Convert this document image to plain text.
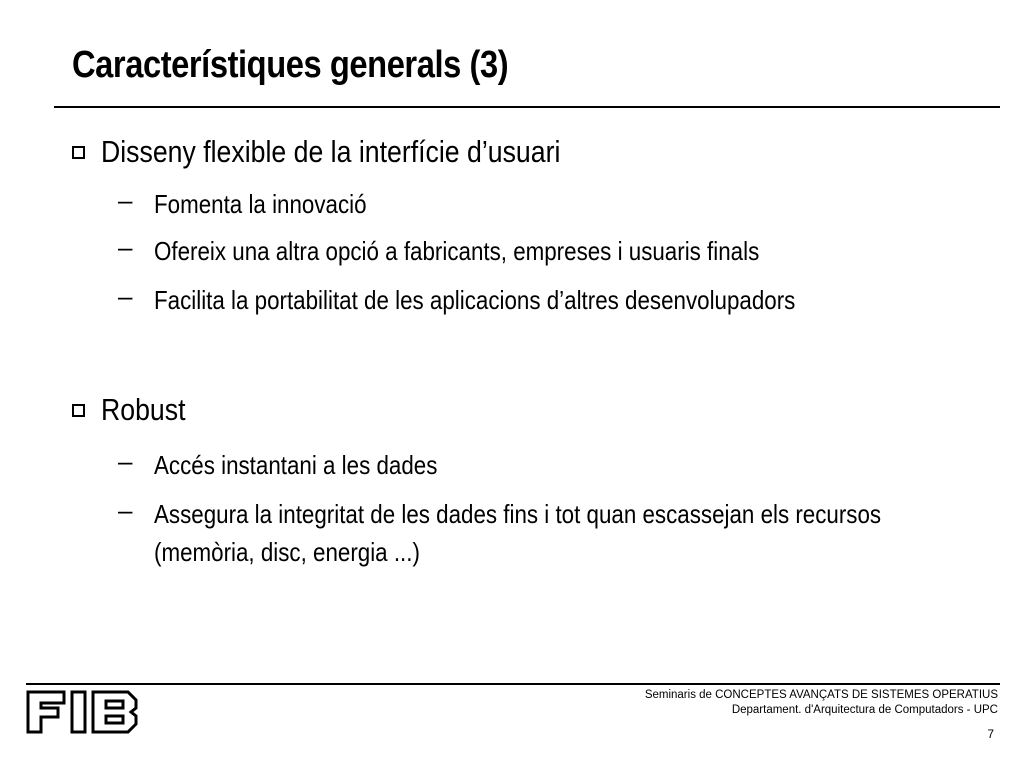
Característiques generals (3)
Disseny flexible de la interfície d’usuari
– Fomenta la innovació
– Ofereix una altra opció a fabricants, empreses i usuaris finals
– Facilita la portabilitat de les aplicacions d’altres desenvolupadors
Robust
– Accés instantani a les dades
– Assegura la integritat de les dades fins i tot quan escassejan els recursos (memòria, disc, energia ...)
Seminaris de CONCEPTES AVANÇATS DE SISTEMES OPERATIUS
Departament. d'Arquitectura de Computadors - UPC
7
